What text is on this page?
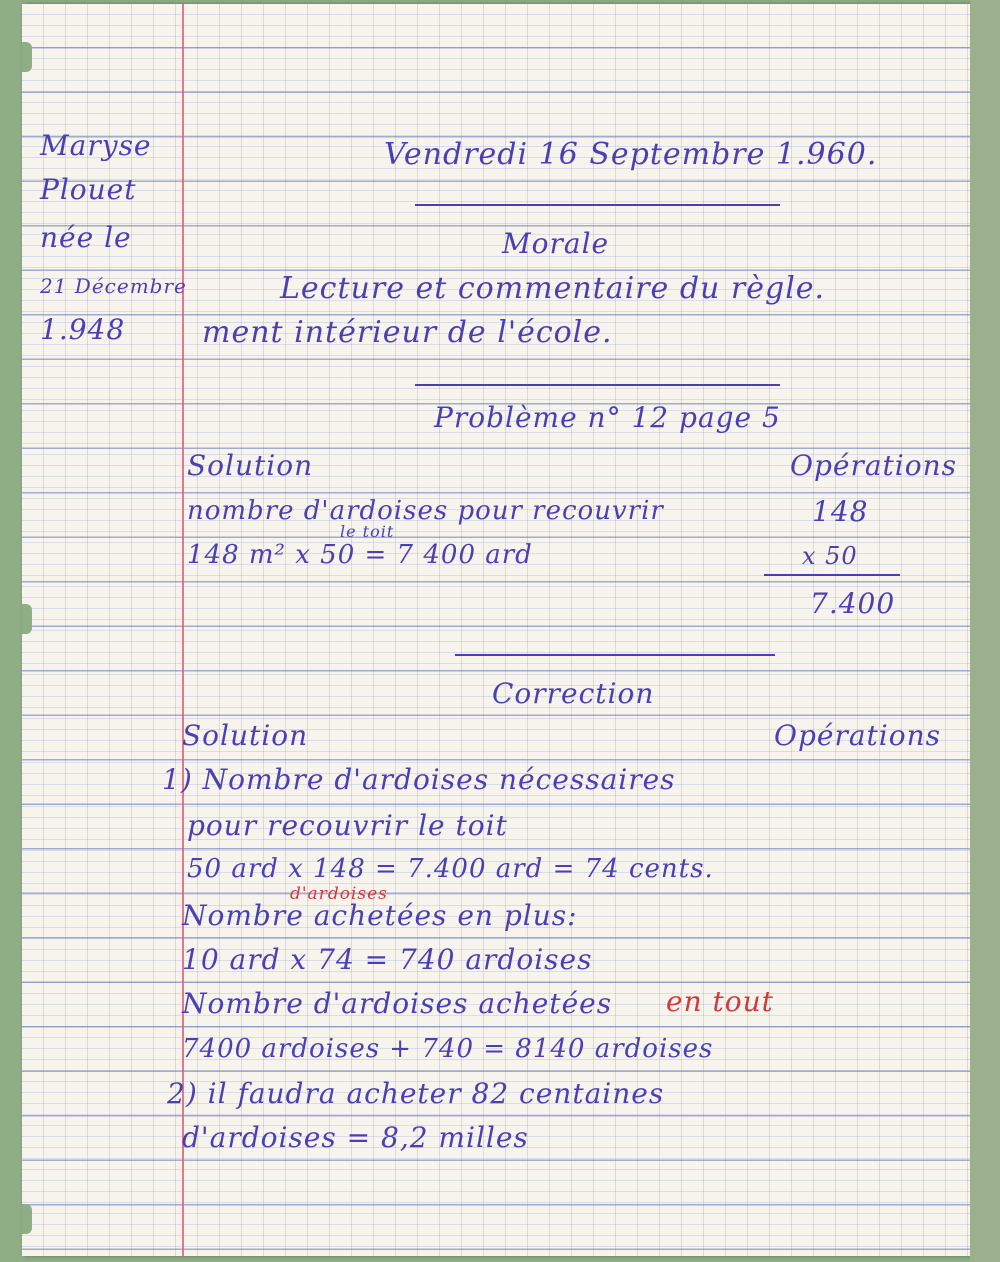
Maryse
Plouet
née le
21 Décembre
1.948
Vendredi 16 Septembre 1.960.
Morale
Lecture et commentaire du règle.
ment intérieur de l'école.
Problème n° 12 page 5
Solution	Opérations
nombre d'ardoises pour recouvrir
le toit
148 m² x 50 = 7 400 ard
148
x 50
7.400
Correction
Solution	Opérations
1) Nombre d'ardoises nécessaires
pour recouvrir le toit
50 ard x 148 = 7.400 ard = 74 cents.
d'ardoises
Nombre achetées en plus:
10 ard x 74 = 740 ardoises
Nombre d'ardoises achetées en tout
7400 ardoises + 740 = 8140 ardoises
2) il faudra acheter 82 centaines
d'ardoises = 8,2 milles
